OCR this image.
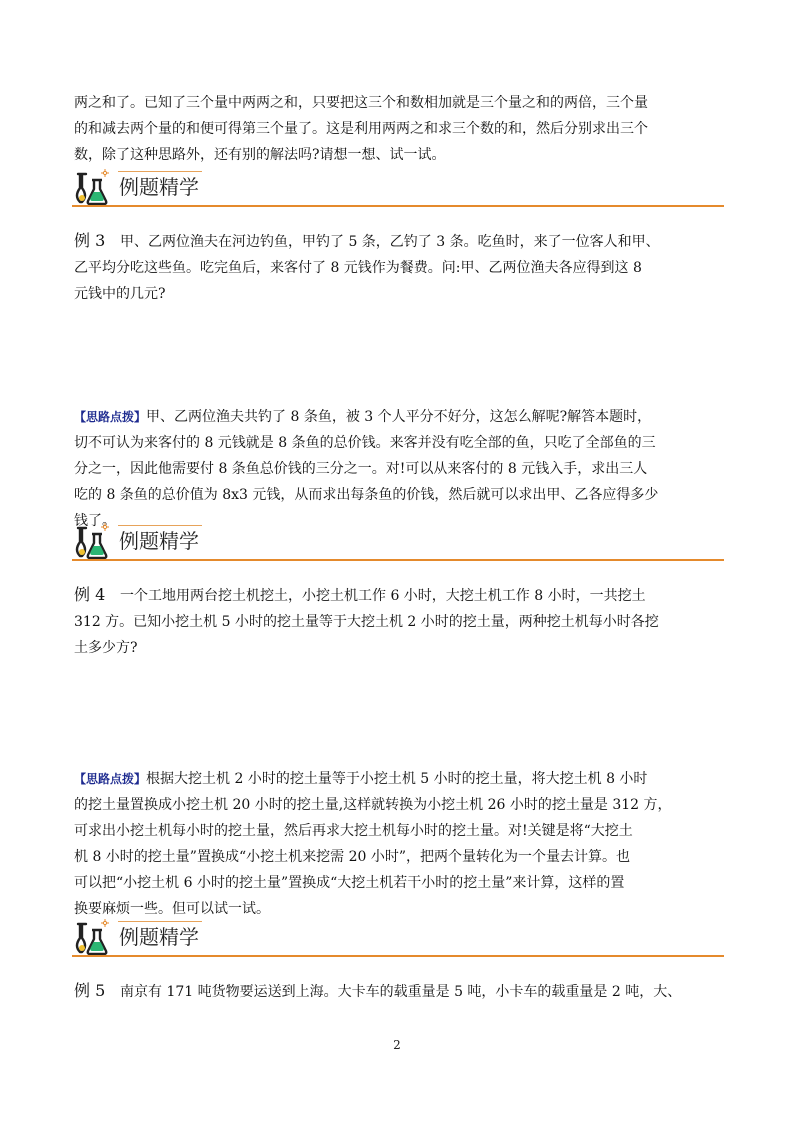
两之和了。已知了三个量中两两之和，只要把这三个和数相加就是三个量之和的两倍，三个量
的和减去两个量的和便可得第三个量了。这是利用两两之和求三个数的和，然后分别求出三个
数，除了这种思路外，还有别的解法吗?请想一想、试一试。
例题精学
例 3 甲、乙两位渔夫在河边钓鱼，甲钓了 5 条，乙钓了 3 条。吃鱼时，来了一位客人和甲、
乙平均分吃这些鱼。吃完鱼后，来客付了 8 元钱作为餐费。问:甲、乙两位渔夫各应得到这 8
元钱中的几元?
【思路点拨】甲、乙两位渔夫共钓了 8 条鱼，被 3 个人平分不好分，这怎么解呢?解答本题时，
切不可认为来客付的 8 元钱就是 8 条鱼的总价钱。来客并没有吃全部的鱼，只吃了全部鱼的三
分之一，因此他需要付 8 条鱼总价钱的三分之一。对!可以从来客付的 8 元钱入手，求出三人
吃的 8 条鱼的总价值为 8x3 元钱，从而求出每条鱼的价钱，然后就可以求出甲、乙各应得多少
钱了。
例题精学
例 4 一个工地用两台挖土机挖土，小挖土机工作 6 小时，大挖土机工作 8 小时，一共挖土
312 方。已知小挖土机 5 小时的挖土量等于大挖土机 2 小时的挖土量，两种挖土机每小时各挖
土多少方?
【思路点拨】根据大挖土机 2 小时的挖土量等于小挖土机 5 小时的挖土量，将大挖土机 8 小时
的挖土量置换成小挖土机 20 小时的挖土量,这样就转换为小挖土机 26 小时的挖土量是 312 方，
可求出小挖土机每小时的挖土量，然后再求大挖土机每小时的挖土量。对!关键是将“大挖土
机 8 小时的挖土量”置换成“小挖土机来挖需 20 小时”，把两个量转化为一个量去计算。也
可以把“小挖土机 6 小时的挖土量”置换成“大挖土机若干小时的挖土量”来计算，这样的置
换要麻烦一些。但可以试一试。
例题精学
例 5 南京有 171 吨货物要运送到上海。大卡车的载重量是 5 吨，小卡车的载重量是 2 吨，大、
2
